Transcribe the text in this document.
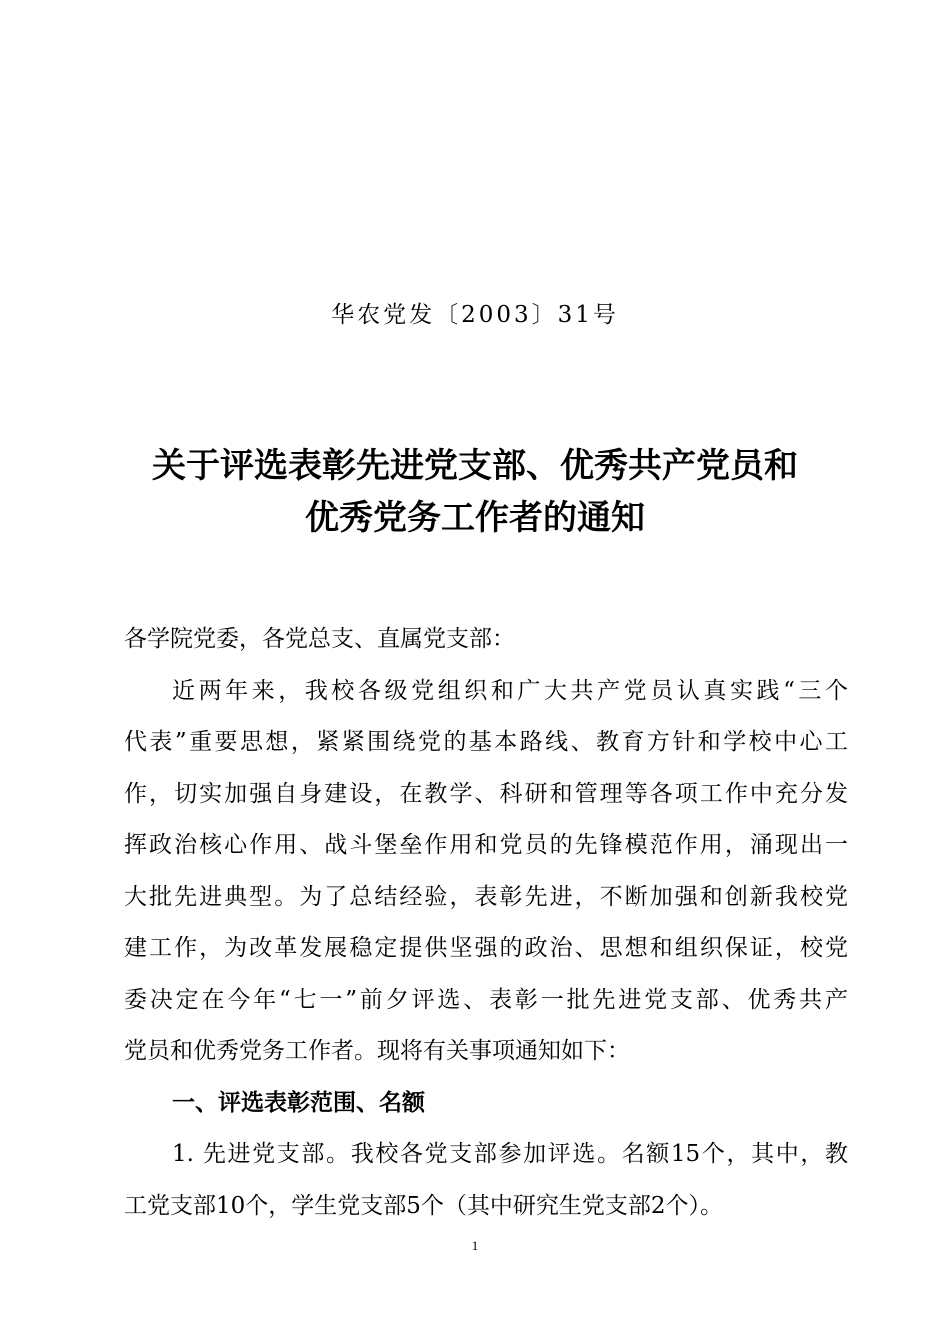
华农党发〔2003〕31号
关于评选表彰先进党支部、优秀共产党员和
优秀党务工作者的通知
各学院党委，各党总支、直属党支部：
近两年来，我校各级党组织和广大共产党员认真实践“三个
代表”重要思想，紧紧围绕党的基本路线、教育方针和学校中心工
作，切实加强自身建设，在教学、科研和管理等各项工作中充分发
挥政治核心作用、战斗堡垒作用和党员的先锋模范作用，涌现出一
大批先进典型。为了总结经验，表彰先进，不断加强和创新我校党
建工作，为改革发展稳定提供坚强的政治、思想和组织保证，校党
委决定在今年“七一”前夕评选、表彰一批先进党支部、优秀共产
党员和优秀党务工作者。现将有关事项通知如下：
一、评选表彰范围、名额
1. 先进党支部。我校各党支部参加评选。名额15个，其中，教
工党支部10个，学生党支部5个（其中研究生党支部2个）。
1
